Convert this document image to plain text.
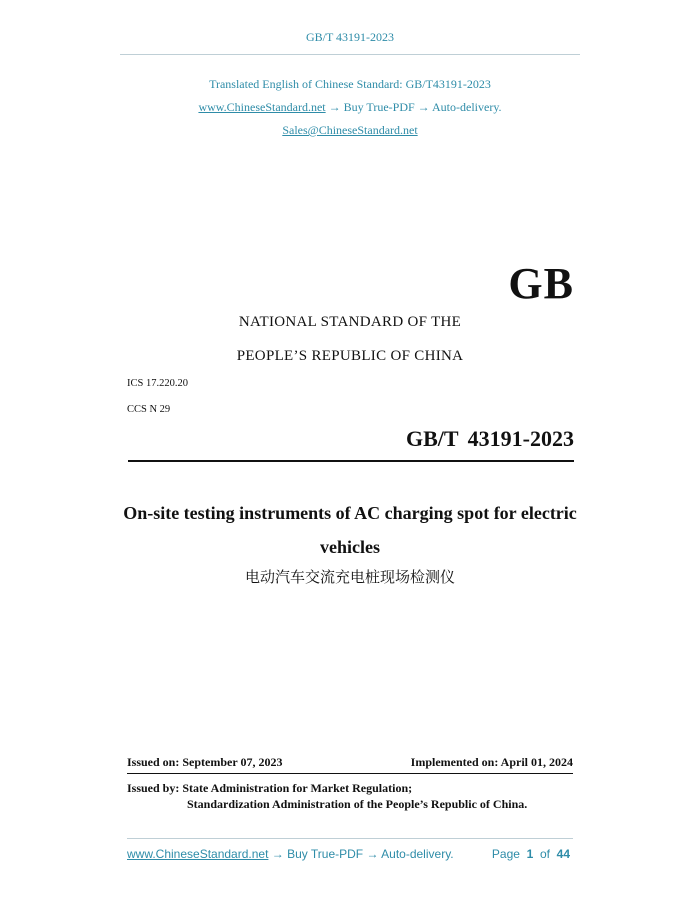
GB/T 43191-2023
Translated English of Chinese Standard: GB/T43191-2023
www.ChineseStandard.net → Buy True-PDF → Auto-delivery.
Sales@ChineseStandard.net
GB
NATIONAL STANDARD OF THE
PEOPLE’S REPUBLIC OF CHINA
ICS 17.220.20
CCS N 29
GB/T 43191-2023
On-site testing instruments of AC charging spot for electric vehicles
电动汽车交流充电桩现场检测仪
Issued on: September 07, 2023	Implemented on: April 01, 2024
Issued by: State Administration for Market Regulation;
Standardization Administration of the People’s Republic of China.
www.ChineseStandard.net → Buy True-PDF → Auto-delivery.	Page 1 of 44
